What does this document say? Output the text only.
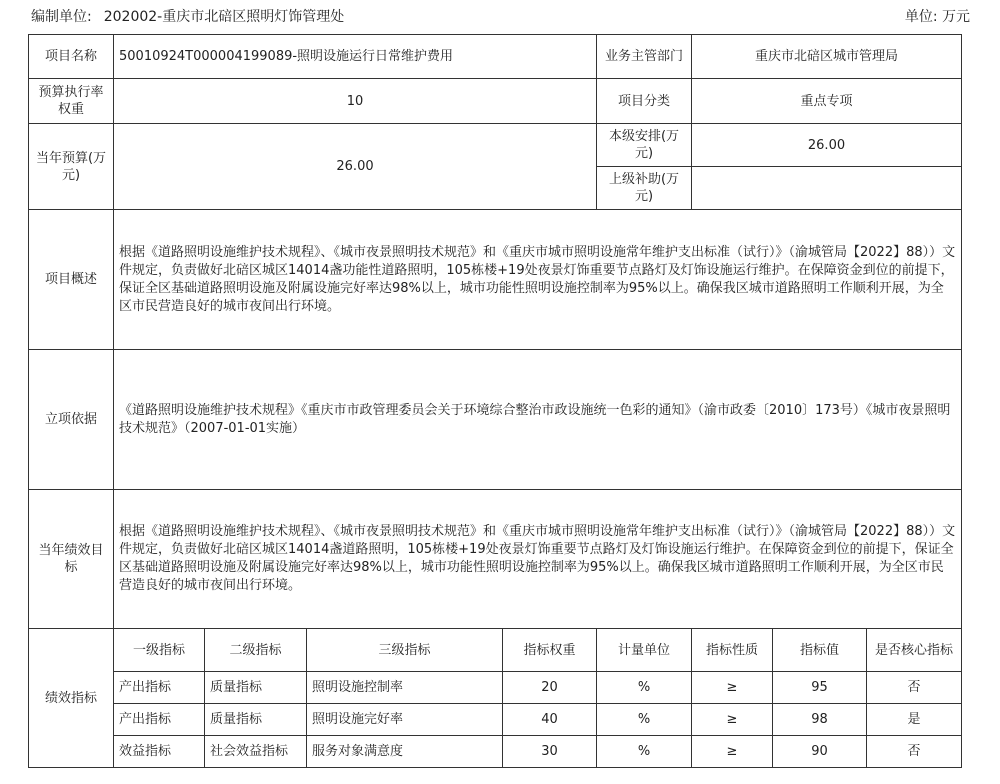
编制单位: 202002-重庆市北碚区照明灯饰管理处	单位: 万元
项目名称	50010924T000004199089-照明设施运行日常维护费用				业务主管部门	重庆市北碚区城市管理局		
预算执行率权重	10				项目分类	重点专项		
当年预算(万元)	26.00				本级安排(万元)	26.00		
					上级补助(万元)			
项目概述	根据《道路照明设施维护技术规程》、《城市夜景照明技术规范》和《重庆市城市照明设施常年维护支出标准（试行）》（渝城管局【2022】88））文件规定，负责做好北碚区城区14014盏功能性道路照明，105栋楼+19处夜景灯饰重要节点路灯及灯饰设施运行维护。在保障资金到位的前提下，保证全区基础道路照明设施及附属设施完好率达98%以上，城市功能性照明设施控制率为95%以上。确保我区城市道路照明工作顺利开展，为全区市民营造良好的城市夜间出行环境。							
立项依据	《道路照明设施维护技术规程》《重庆市市政管理委员会关于环境综合整治市政设施统一色彩的通知》（渝市政委〔2010〕173号）《城市夜景照明技术规范》（2007-01-01实施）							
当年绩效目标	根据《道路照明设施维护技术规程》、《城市夜景照明技术规范》和《重庆市城市照明设施常年维护支出标准（试行）》（渝城管局【2022】88））文件规定，负责做好北碚区城区14014盏道路照明，105栋楼+19处夜景灯饰重要节点路灯及灯饰设施运行维护。在保障资金到位的前提下，保证全区基础道路照明设施及附属设施完好率达98%以上，城市功能性照明设施控制率为95%以上。确保我区城市道路照明工作顺利开展，为全区市民营造良好的城市夜间出行环境。							
绩效指标	一级指标	二级指标	三级指标	指标权重	计量单位	指标性质	指标值	是否核心指标
	产出指标	质量指标	照明设施控制率	20	%	≥	95	否
	产出指标	质量指标	照明设施完好率	40	%	≥	98	是
	效益指标	社会效益指标	服务对象满意度	30	%	≥	90	否
